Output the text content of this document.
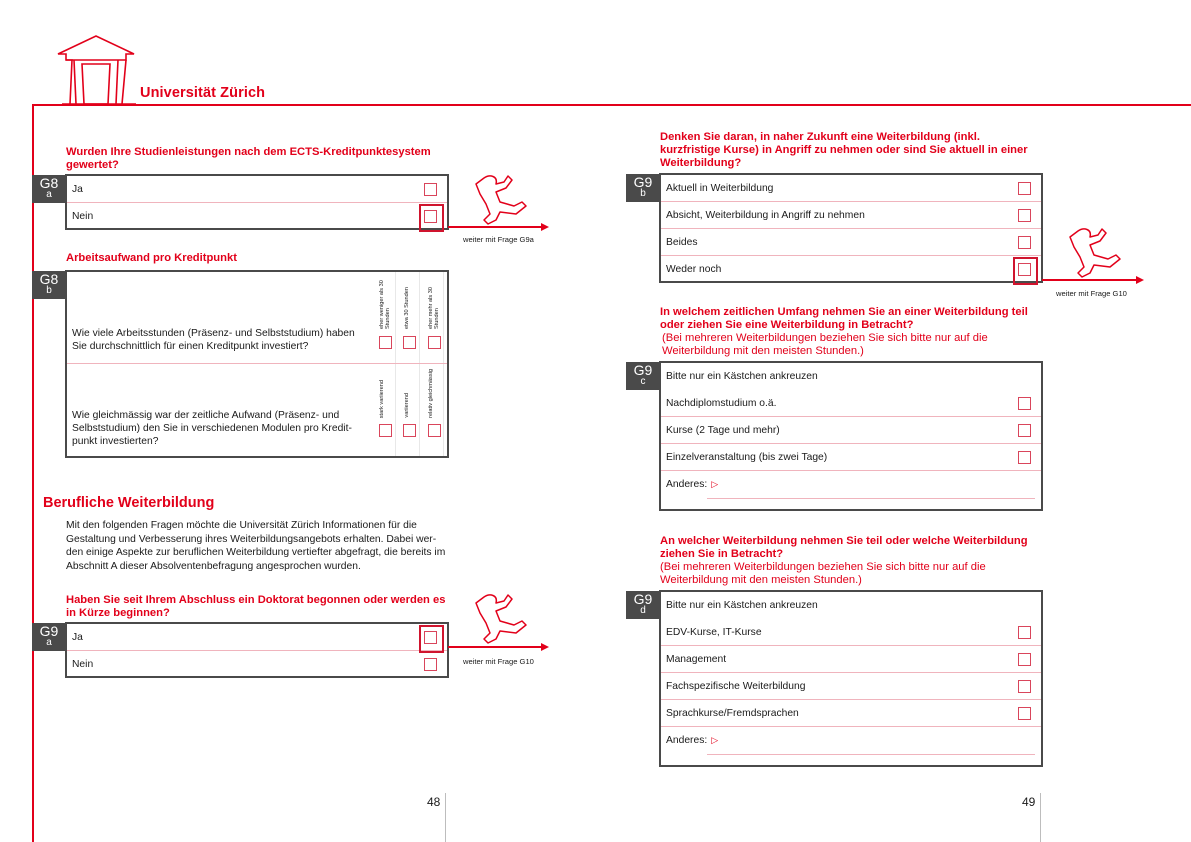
Universität Zürich
Wurden Ihre Studienleistungen nach dem ECTS-Kreditpunktesystem gewertet?
G8
a	Ja
Nein
weiter mit Frage G9a
Arbeitsaufwand pro Kreditpunkt
G8
b
Wie viele Arbeitsstunden (Präsenz- und Selbststudium) haben Sie durchschnittlich für einen Kreditpunkt investiert?
eher weniger als 30 Stunden	etwa 30 Stunden	eher mehr als 30 Stunden
Wie gleichmässig war der zeitliche Aufwand (Präsenz- und Selbststudium) den Sie in verschiedenen Modulen pro Kredit-punkt investierten?
stark variierend	variierend	relativ gleichmässig
Berufliche Weiterbildung
Mit den folgenden Fragen möchte die Universität Zürich Informationen für die Gestaltung und Verbesserung ihres Weiterbildungsangebots erhalten. Dabei wer-den einige Aspekte zur beruflichen Weiterbildung vertiefter abgefragt, die bereits im Abschnitt A dieser Absolventenbefragung angesprochen wurden.
Haben Sie seit Ihrem Abschluss ein Doktorat begonnen oder werden es in Kürze beginnen?
G9
a	Ja
Nein	weiter mit Frage G10
48
Denken Sie daran, in naher Zukunft eine Weiterbildung (inkl. kurzfristige Kurse) in Angriff zu nehmen oder sind Sie aktuell in einer Weiterbildung?
G9
b	Aktuell in Weiterbildung
Absicht, Weiterbildung in Angriff zu nehmen
Beides
Weder noch
weiter mit Frage G10
In welchem zeitlichen Umfang nehmen Sie an einer Weiterbildung teil oder ziehen Sie eine Weiterbildung in Betracht?
(Bei mehreren Weiterbildungen beziehen Sie sich bitte nur auf die Weiterbildung mit den meisten Stunden.)
G9
c	Bitte nur ein Kästchen ankreuzen
Nachdiplomstudium o.ä.
Kurse (2 Tage und mehr)
Einzelveranstaltung (bis zwei Tage)
Anderes: ▷
An welcher Weiterbildung nehmen Sie teil oder welche Weiterbildung ziehen Sie in Betracht?
(Bei mehreren Weiterbildungen beziehen Sie sich bitte nur auf die Weiterbildung mit den meisten Stunden.)
G9
d	Bitte nur ein Kästchen ankreuzen
EDV-Kurse, IT-Kurse
Management
Fachspezifische Weiterbildung
Sprachkurse/Fremdsprachen
Anderes: ▷
49
